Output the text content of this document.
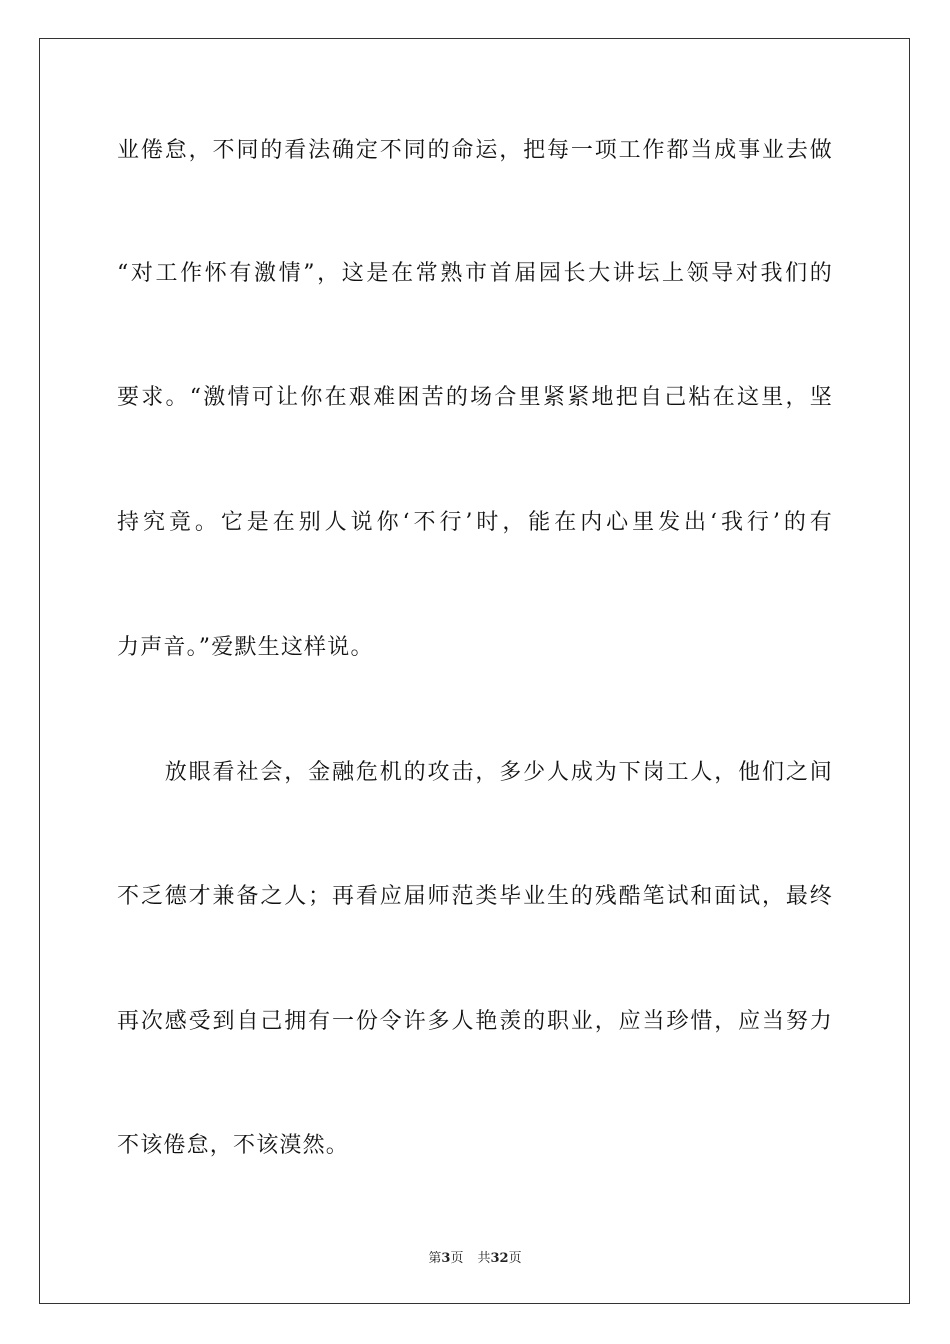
业倦怠，不同的看法确定不同的命运，把每一项工作都当成事业去做
“对工作怀有激情”，这是在常熟市首届园长大讲坛上领导对我们的
要求。“激情可让你在艰难困苦的场合里紧紧地把自己粘在这里，坚
持究竟。它是在别人说你‘不行’时，能在内心里发出‘我行’的有
力声音。”爱默生这样说。
　　放眼看社会，金融危机的攻击，多少人成为下岗工人，他们之间
不乏德才兼备之人；再看应届师范类毕业生的残酷笔试和面试，最终
再次感受到自己拥有一份令许多人艳羡的职业，应当珍惜，应当努力
不该倦怠，不该漠然。
第3页 共32页
